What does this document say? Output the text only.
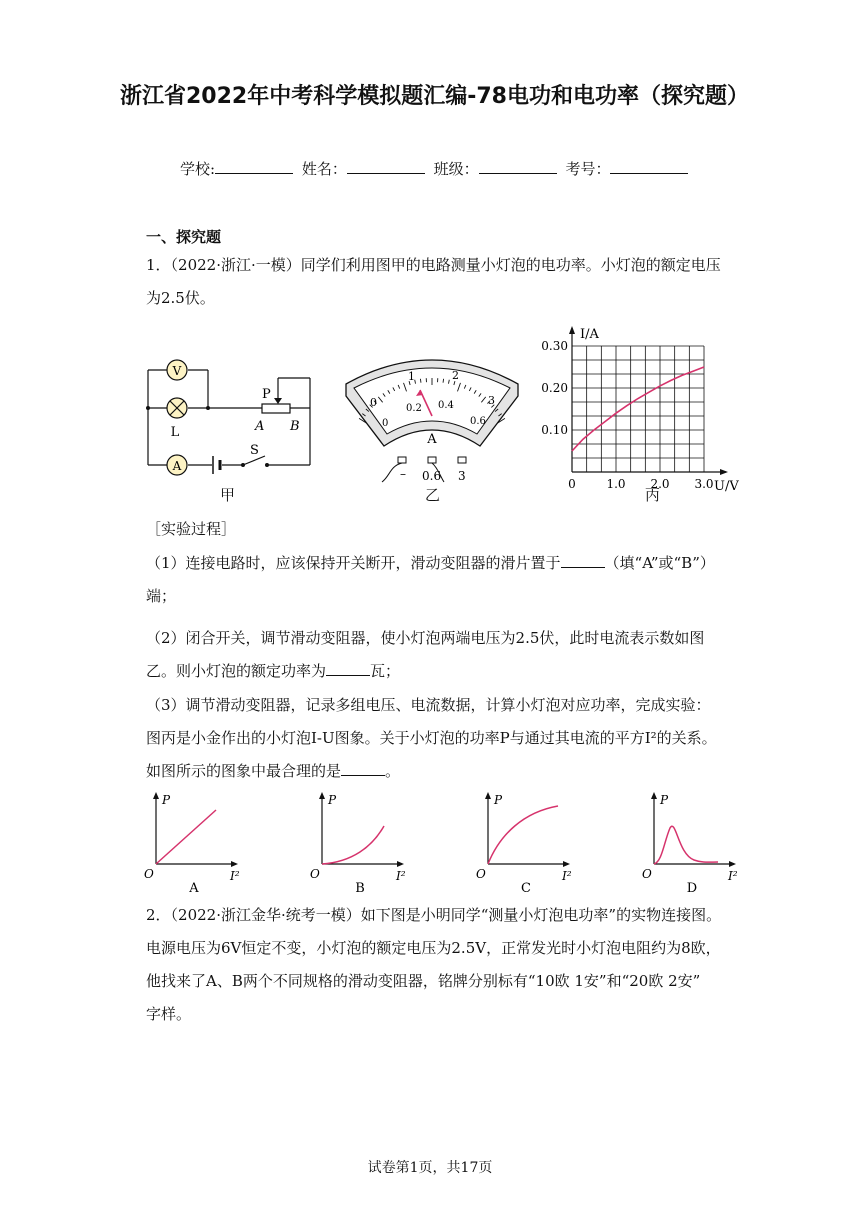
浙江省2022年中考科学模拟题汇编-78电功和电功率（探究题）
学校:	姓名：	班级：	考号：
一、探究题
1．（2022·浙江·一模）同学们利用图甲的电路测量小灯泡的电功率。小灯泡的额定电压
为2.5伏。
V
A
L
P
A B
S
甲
0
1	2
3
0
0.2 0.4
0.6
A
– 0.6 3
乙
0	1.0 2.0 3.0
0.10
0.20
0.30
I/A
U/V
丙
［实验过程］
（1）连接电路时，应该保持开关断开，滑动变阻器的滑片置于	（填“A”或“B”）
端；
（2）闭合开关，调节滑动变阻器，使小灯泡两端电压为2.5伏，此时电流表示数如图
乙。则小灯泡的额定功率为	瓦；
（3）调节滑动变阻器，记录多组电压、电流数据，计算小灯泡对应功率，完成实验：
图丙是小金作出的小灯泡I-U图象。关于小灯泡的功率P与通过其电流的平方I²的关系。
如图所示的图象中最合理的是	。
P
O	I²
A
P
O	I²
B
P
O	I²
C
P
O	I²
D
2．（2022·浙江金华·统考一模）如下图是小明同学“测量小灯泡电功率”的实物连接图。
电源电压为6V恒定不变，小灯泡的额定电压为2.5V，正常发光时小灯泡电阻约为8欧，
他找来了A、B两个不同规格的滑动变阻器，铭牌分别标有“10欧 1安”和“20欧 2安”
字样。
试卷第1页，共17页
